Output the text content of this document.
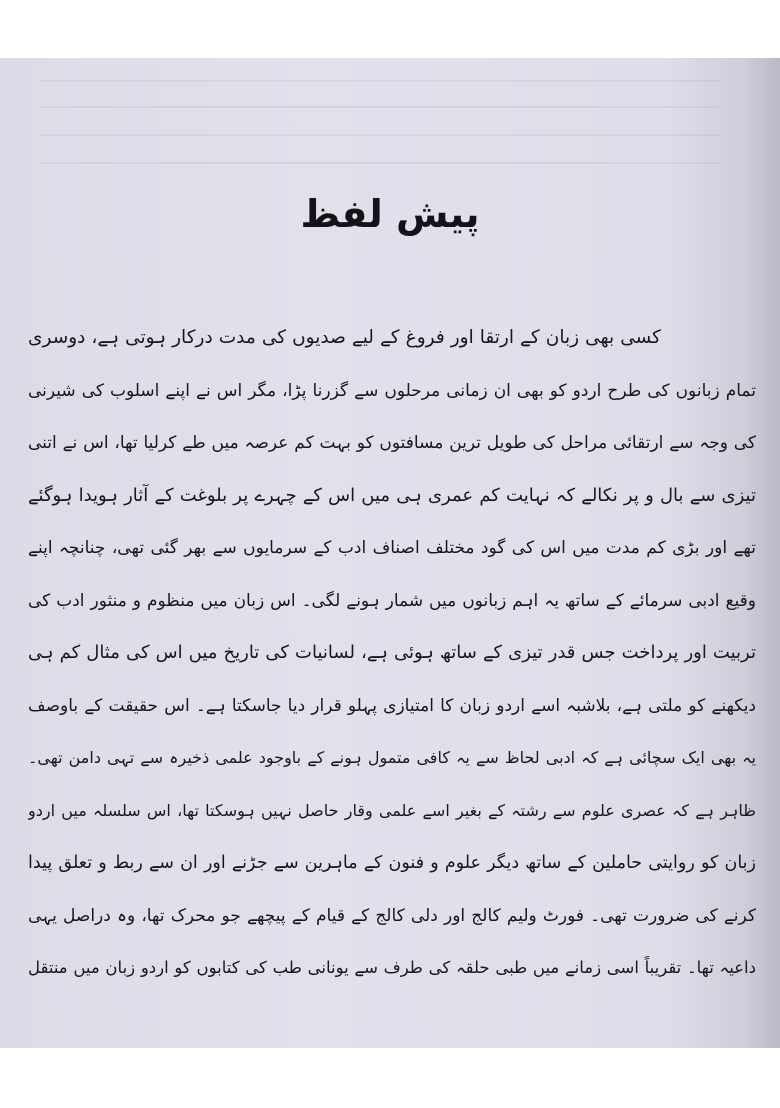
پیش لفظ
کسی بھی زبان کے ارتقا اور فروغ کے لیے صدیوں کی مدت درکار ہوتی ہے، دوسری
تمام زبانوں کی طرح اردو کو بھی ان زمانی مرحلوں سے گزرنا پڑا، مگر اس نے اپنے اسلوب کی شیرنی
کی وجہ سے ارتقائی مراحل کی طویل ترین مسافتوں کو بہت کم عرصہ میں طے کرلیا تھا، اس نے اتنی
تیزی سے بال و پر نکالے کہ نہایت کم عمری ہی میں اس کے چہرے پر بلوغت کے آثار ہویدا ہوگئے
تھے اور بڑی کم مدت میں اس کی گود مختلف اصناف ادب کے سرمایوں سے بھر گئی تھی، چنانچہ اپنے
وقیع ادبی سرمائے کے ساتھ یہ اہم زبانوں میں شمار ہونے لگی۔ اس زبان میں منظوم و منثور ادب کی
تربیت اور پرداخت جس قدر تیزی کے ساتھ ہوئی ہے، لسانیات کی تاریخ میں اس کی مثال کم ہی
دیکھنے کو ملتی ہے، بلاشبہ اسے اردو زبان کا امتیازی پہلو قرار دیا جاسکتا ہے۔ اس حقیقت کے باوصف
یہ بھی ایک سچائی ہے کہ ادبی لحاظ سے یہ کافی متمول ہونے کے باوجود علمی ذخیرہ سے تہی دامن تھی۔
ظاہر ہے کہ عصری علوم سے رشتہ کے بغیر اسے علمی وقار حاصل نہیں ہوسکتا تھا، اس سلسلہ میں اردو
زبان کو روایتی حاملین کے ساتھ دیگر علوم و فنون کے ماہرین سے جڑنے اور ان سے ربط و تعلق پیدا
کرنے کی ضرورت تھی۔ فورٹ ولیم کالج اور دلی کالج کے قیام کے پیچھے جو محرک تھا، وہ دراصل یہی
داعیہ تھا۔ تقریباً اسی زمانے میں طبی حلقہ کی طرف سے یونانی طب کی کتابوں کو اردو زبان میں منتقل
